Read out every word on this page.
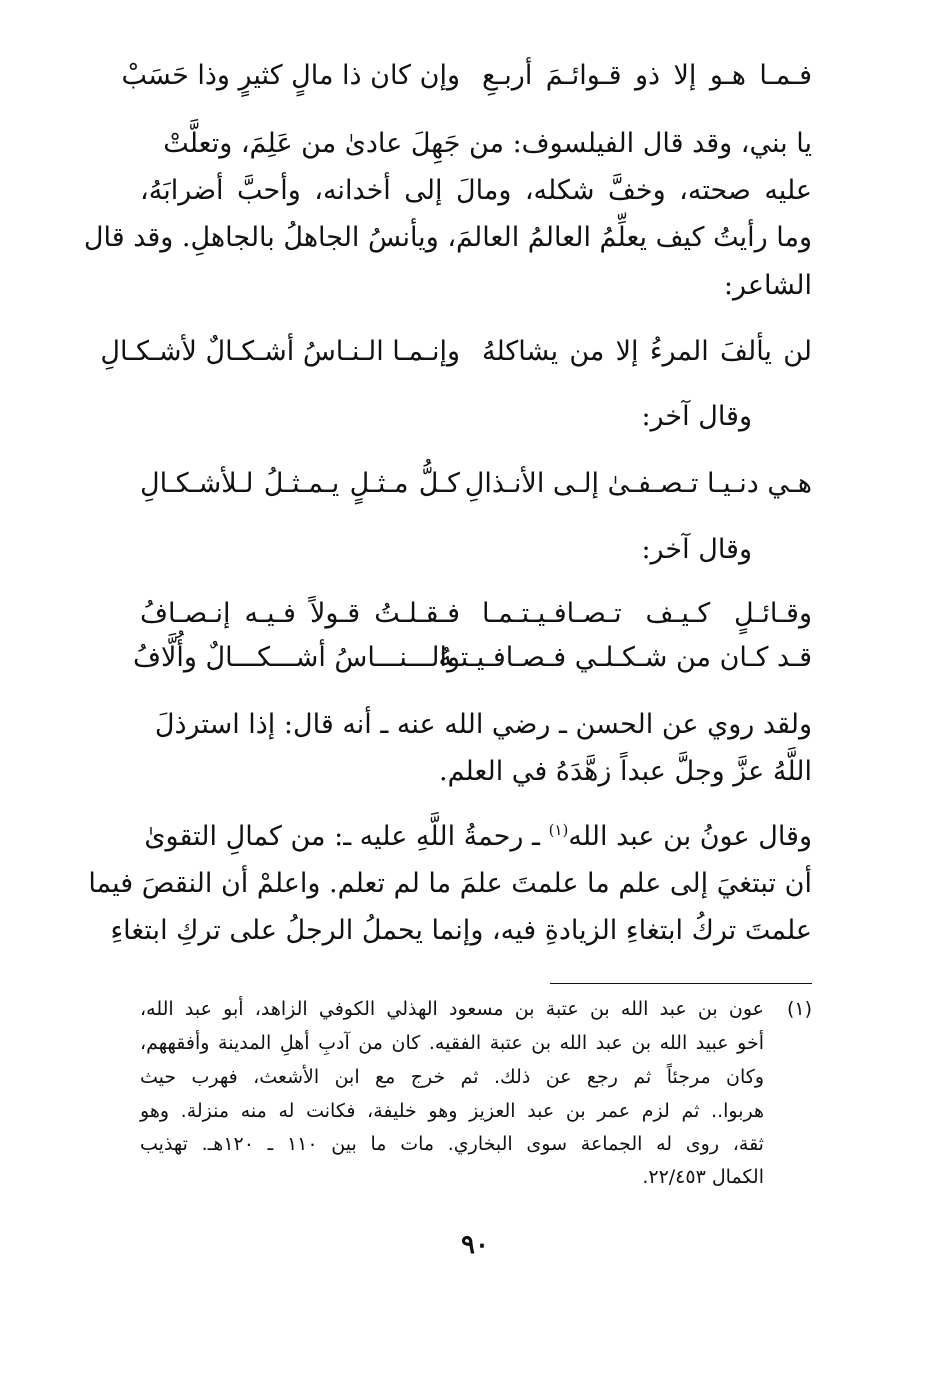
وإن كان ذا مالٍ كثيرٍ وذا حَسَبْ فـمـا هـو إلا ذو قـوائـمَ أربـعِ
يا بني، وقد قال الفيلسوف: من جَهِلَ عادىٰ من عَلِمَ، وتعلَّتْ
عليه صحته، وخفَّ شكله، ومالَ إلى أخدانه، وأحبَّ أضرابَهُ،
وما رأيتُ كيف يعلِّمُ العالمُ العالمَ، ويأنسُ الجاهلُ بالجاهلِ. وقد قال
الشاعر:
لن يألفَ المرءُ إلا من يشاكلهُ
وإنـمـا الـنـاسُ أشـكـالٌ لأشـكـالِ
وقال آخر:
هـي دنـيـا تـصـفـىٰ إلـى الأنـذالِ
كـلُّ مـثـلٍ يـمـثـلُ لـلأشـكـالِ
وقال آخر:
وقـائـلٍ كـيـف تـصـافـيـتـمـا
فـقـلـتُ قـولاً فـيـه إنـصـافُ
قـد كـان من شـكـلـي فـصـافـيـتـهُ
والـــنـــاسُ أشـــكـــالٌ وأُلَّافُ
ولقد روي عن الحسن ـ رضي الله عنه ـ أنه قال: إذا استرذلَ
اللَّهُ عزَّ وجلَّ عبداً زهَّدَهُ في العلم.
وقال عونُ بن عبد الله$^{(١)}$ ـ رحمةُ اللَّهِ عليه ـ: من كمالِ التقوىٰ
أن تبتغيَ إلى علم ما علمتَ علمَ ما لم تعلم. واعلمْ أن النقصَ فيما
علمتَ تركُ ابتغاءِ الزيادةِ فيه، وإنما يحملُ الرجلُ على تركِ ابتغاءِ
(١)
عون بن عبد الله بن عتبة بن مسعود الهذلي الكوفي الزاهد، أبو عبد الله،
أخو عبيد الله بن عبد الله بن عتبة الفقيه. كان من آدبِ أهلِ المدينة وأفقههم،
وكان مرجئاً ثم رجع عن ذلك. ثم خرج مع ابن الأشعث، فهرب حيث
هربوا.. ثم لزم عمر بن عبد العزيز وهو خليفة، فكانت له منه منزلة. وهو
ثقة، روى له الجماعة سوى البخاري. مات ما بين ١١٠ ـ ١٢٠هـ. تهذيب
الكمال ٢٢/٤٥٣.
٩٠
